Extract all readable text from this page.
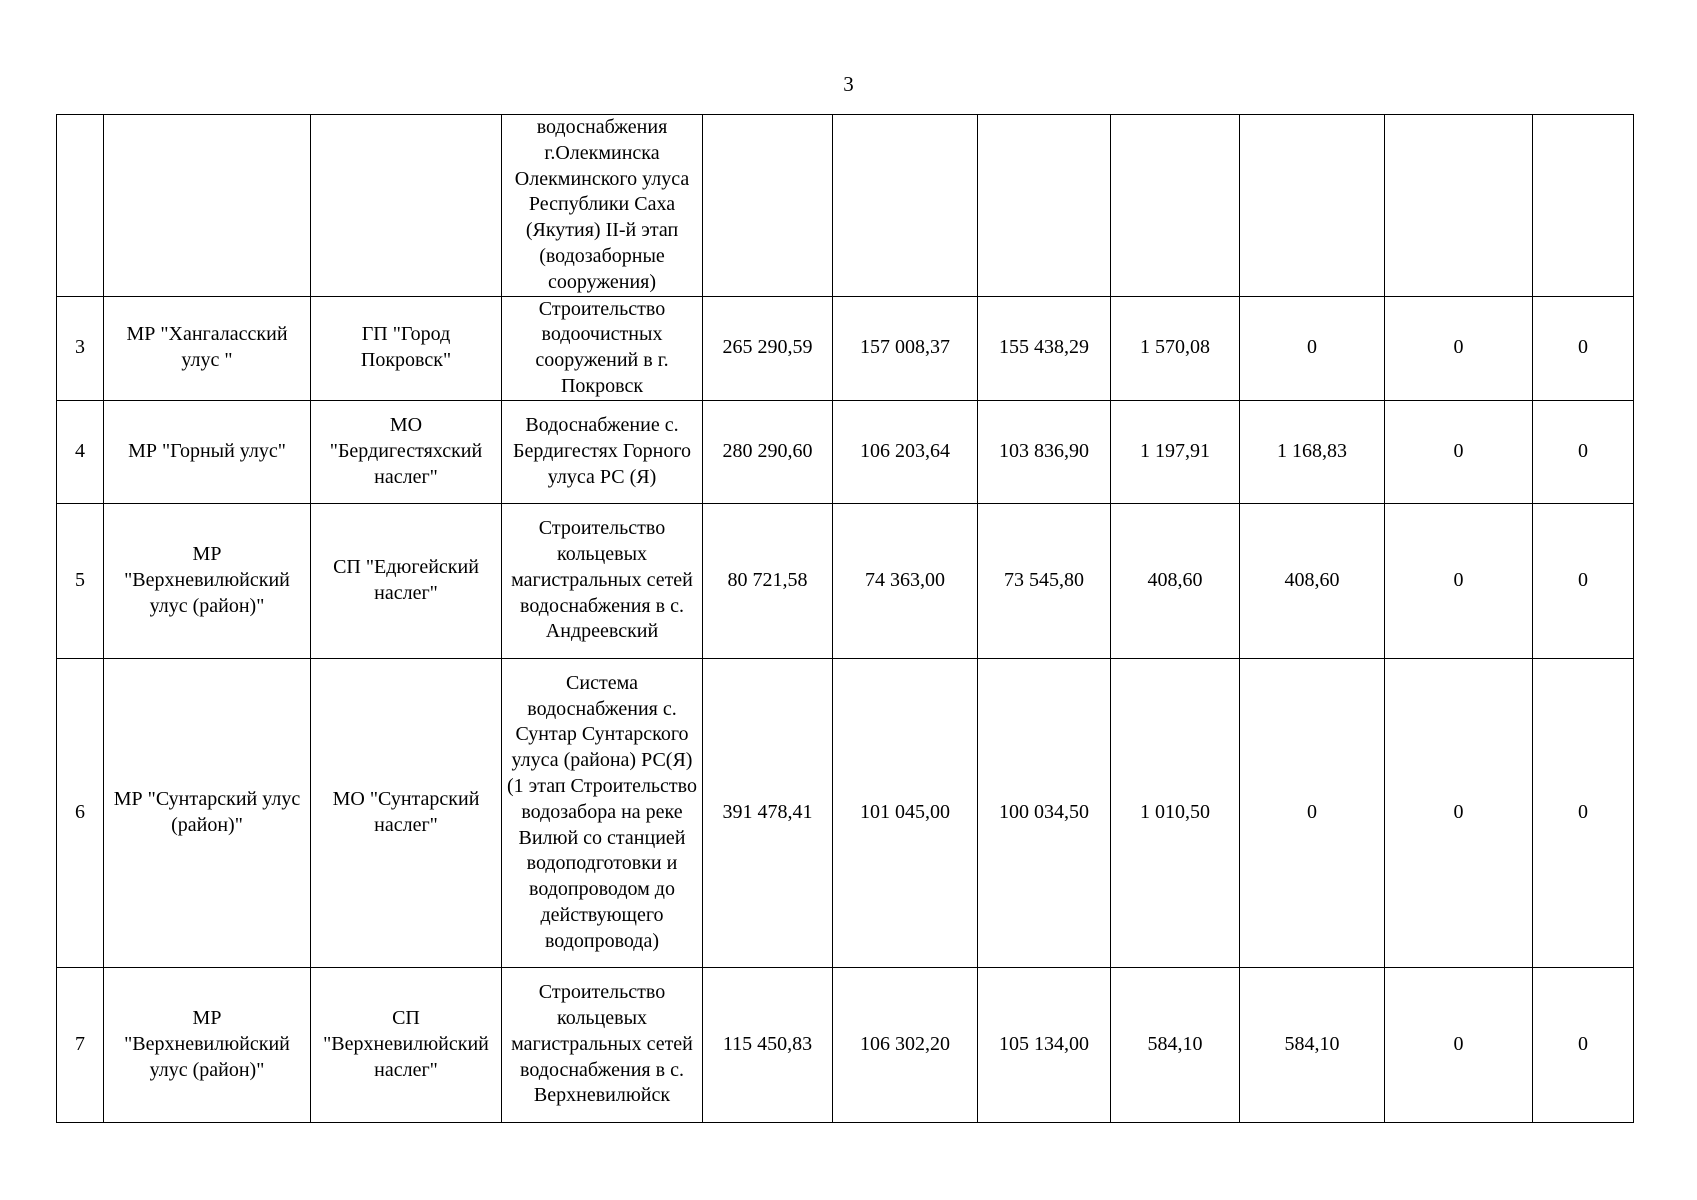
3
			водоснабжения г.Олекминска Олекминского улуса Республики Саха (Якутия) II-й этап (водозаборные сооружения)							
3	МР "Хангаласский улус "	ГП "Город Покровск"	Строительство водоочистных сооружений в г. Покровск	265 290,59	157 008,37	155 438,29	1 570,08	0	0	0
4	МР "Горный улус"	МО "Бердигестяхский наслег"	Водоснабжение с. Бердигестях Горного улуса РС (Я)	280 290,60	106 203,64	103 836,90	1 197,91	1 168,83	0	0
5	МР "Верхневилюйский улус (район)"	СП "Едюгейский наслег"	Строительство кольцевых магистральных сетей водоснабжения в с. Андреевский	80 721,58	74 363,00	73 545,80	408,60	408,60	0	0
6	МР "Сунтарский улус (район)"	МО "Сунтарский наслег"	Система водоснабжения с. Сунтар Сунтарского улуса (района) РС(Я) (1 этап Строительство водозабора на реке Вилюй со станцией водоподготовки и водопроводом до действующего водопровода)	391 478,41	101 045,00	100 034,50	1 010,50	0	0	0
7	МР "Верхневилюйский улус (район)"	СП "Верхневилюйский наслег"	Строительство кольцевых магистральных сетей водоснабжения в с. Верхневилюйск	115 450,83	106 302,20	105 134,00	584,10	584,10	0	0
